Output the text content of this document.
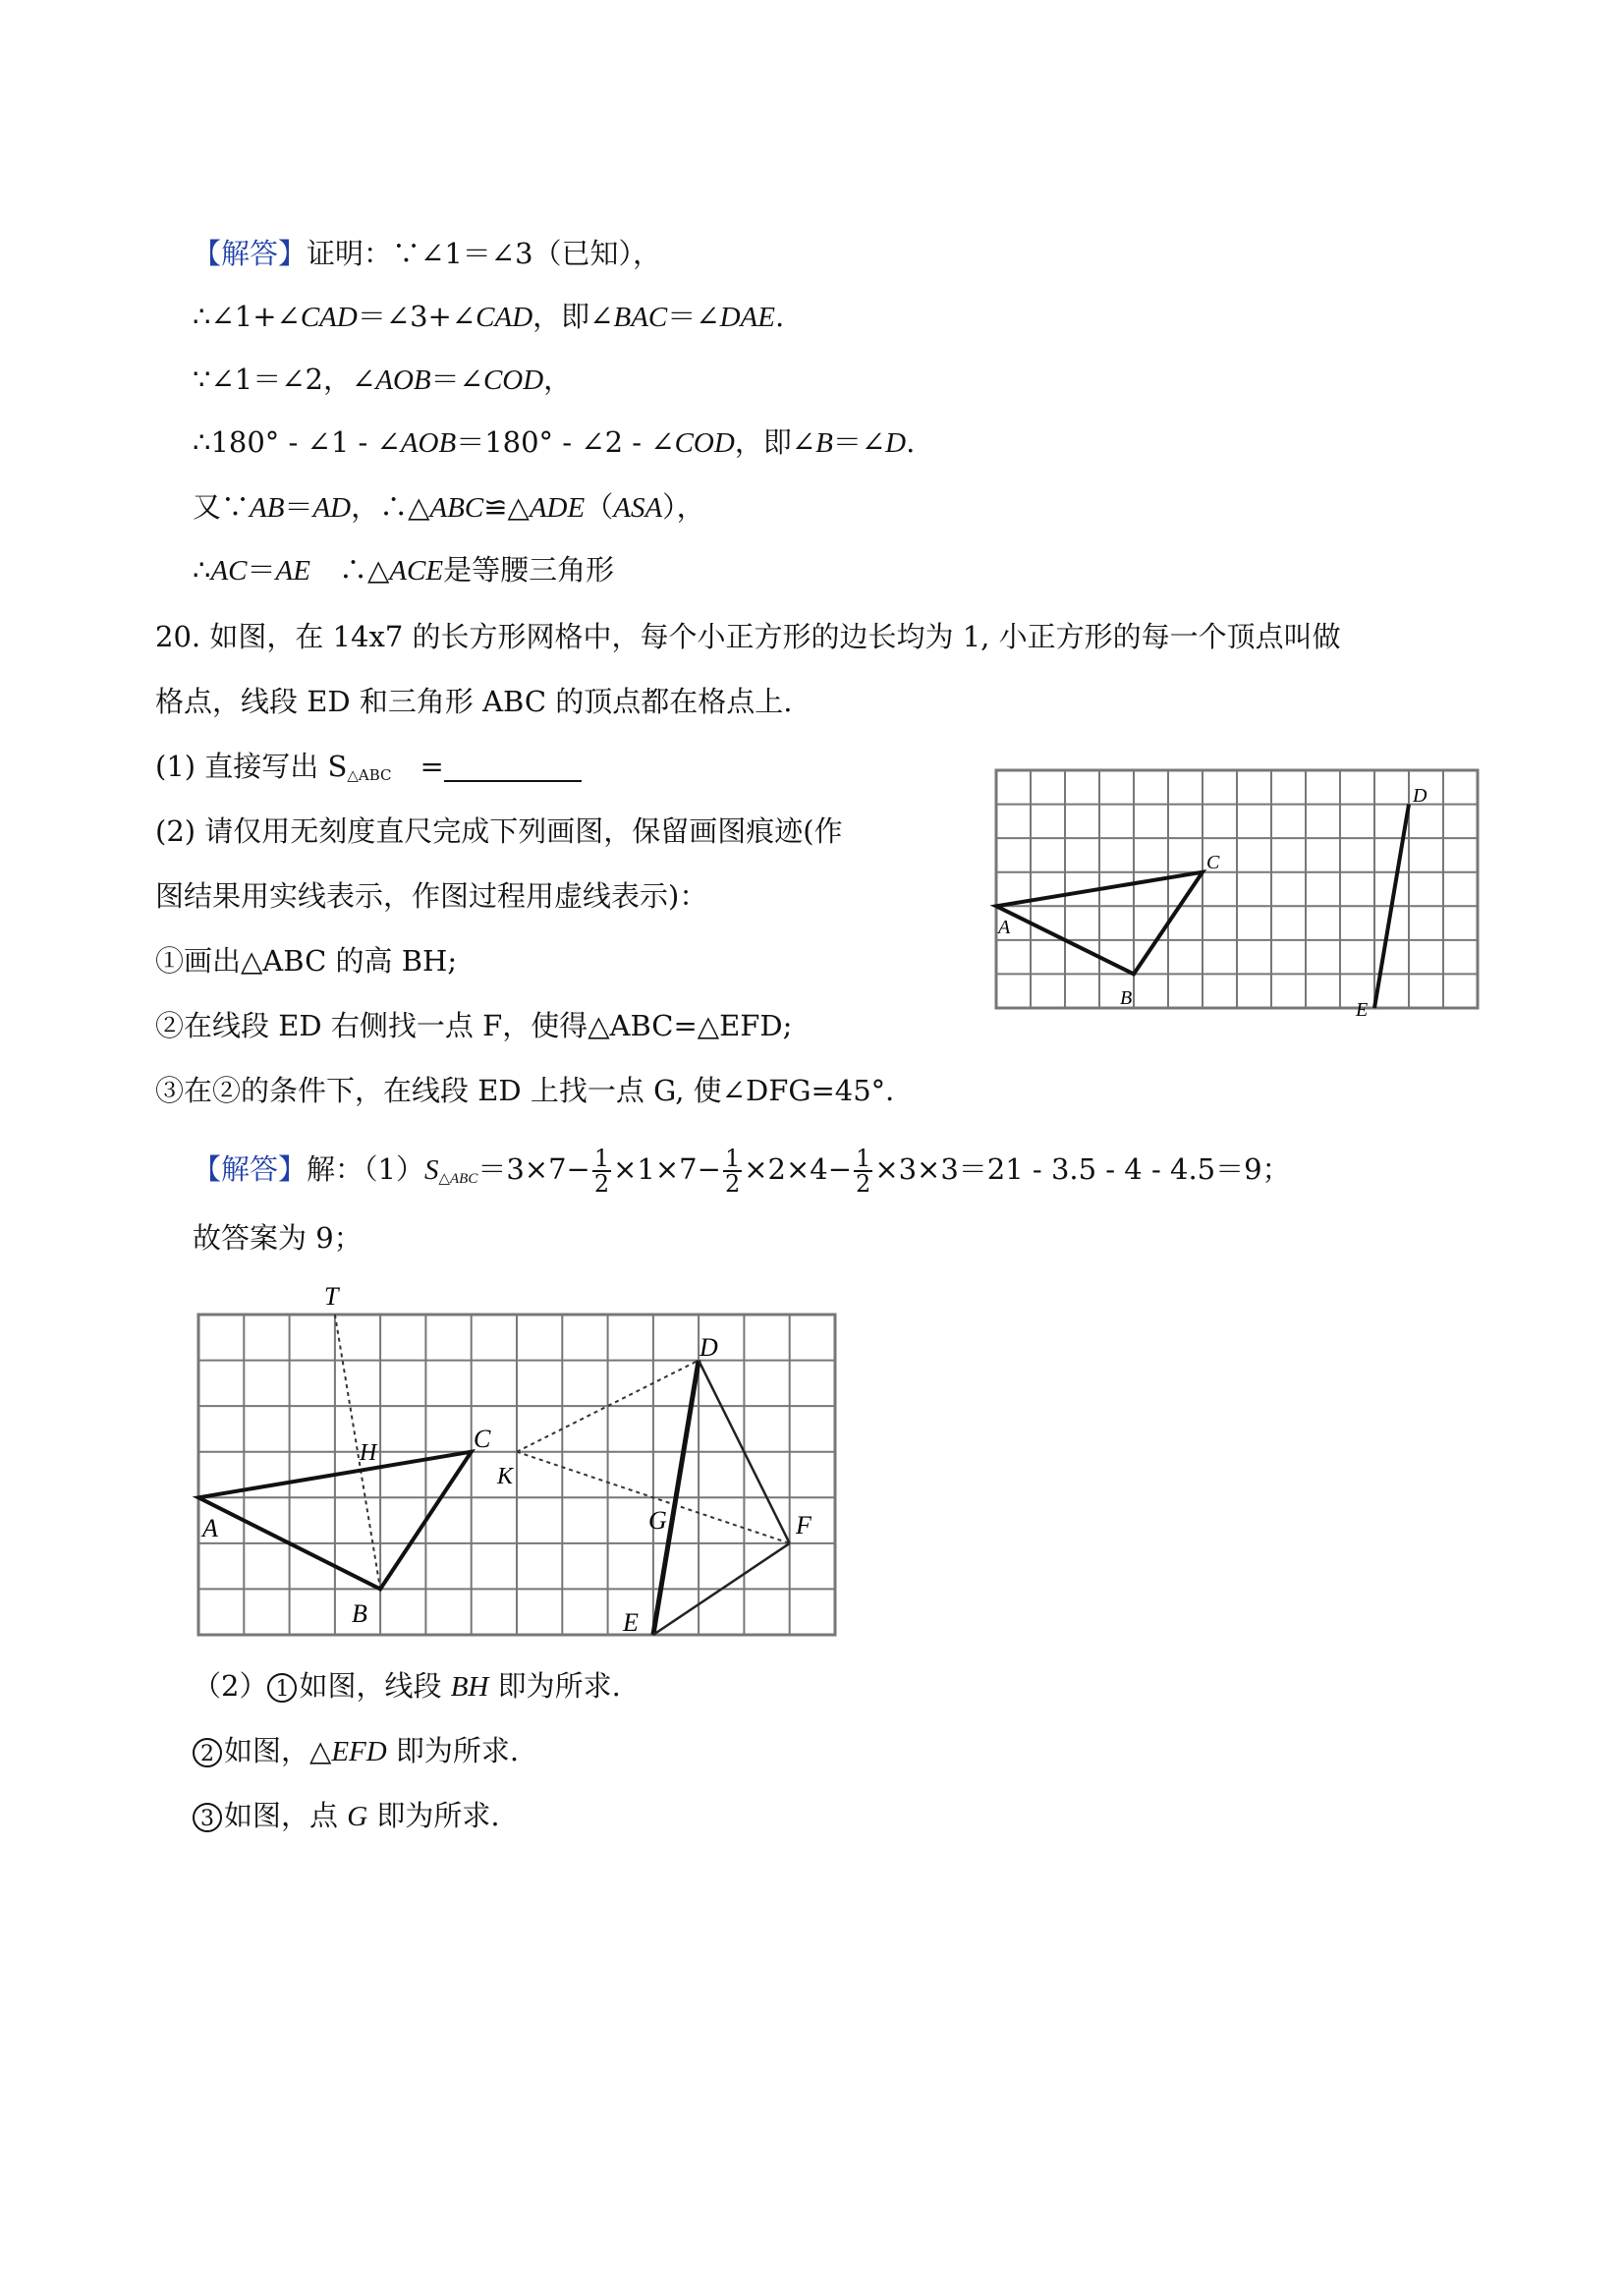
【解答】证明：∵∠1＝∠3（已知），
∴∠1+∠CAD＝∠3+∠CAD，即∠BAC＝∠DAE.
∵∠1＝∠2，∠AOB＝∠COD，
∴180° - ∠1 - ∠AOB＝180° - ∠2 - ∠COD，即∠B＝∠D.
又∵AB＝AD，∴△ABC≌△ADE（ASA），
∴AC＝AE　∴△ACE是等腰三角形
20. 如图，在 14x7 的长方形网格中，每个小正方形的边长均为 1, 小正方形的每一个顶点叫做
格点，线段 ED 和三角形 ABC 的顶点都在格点上.
(1) 直接写出 $S_{\triangle ABC}$　=
(2) 请仅用无刻度直尺完成下列画图，保留画图痕迹(作
图结果用实线表示，作图过程用虚线表示)：
①画出△ABC 的高 BH;
②在线段 ED 右侧找一点 F，使得△ABC=△EFD;
③在②的条件下，在线段 ED 上找一点 G, 使∠DFG=45°．
A
B
C
D
E
【解答】解：$(1)S_{\triangle ABC}=3\times 7- \frac{1}{2} \times 1\times 7- \frac{1}{2} \times 2\times 4- \frac{1}{2} \times 3\times 3=21 - 3.5 - 4 - 4.5=9$；
故答案为 9；
T
H	C
K
D
A	G	F
B	E
（2） 1 如图，线段 BH 即为所求.
2 如图，△EFD 即为所求.
3 如图，点 G 即为所求.
